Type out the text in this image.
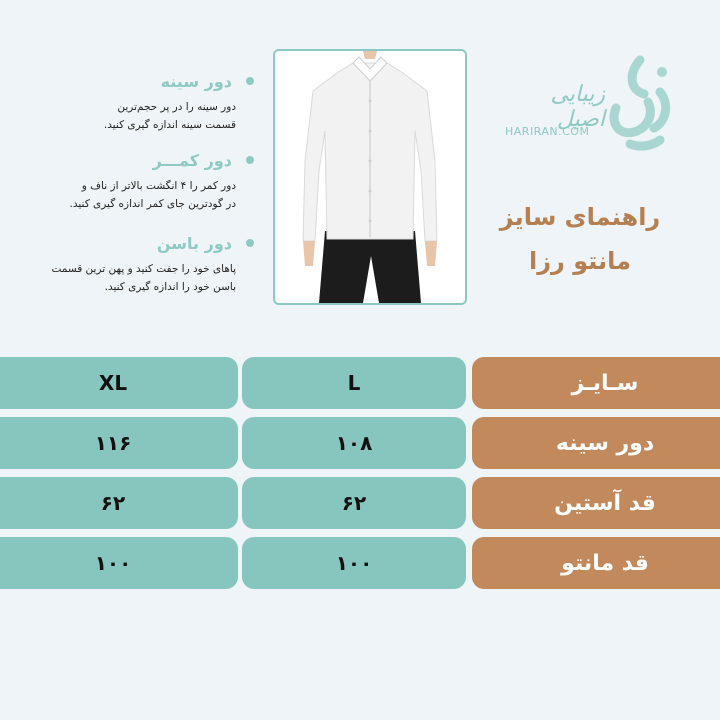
دور سینه
دور سینه را در پر حجم‌ترین
قسمت سینه اندازه گیری کنید.
دور کمـــر
دور کمر را ۴ انگشت بالاتر از ناف و
در گودترین جای کمر اندازه گیری کنید.
دور باسن
پاهای خود را جفت کنید و پهن ترین قسمت
باسن خود را اندازه گیری کنید.
زیبایی اصیل
HARIRAN.COM
راهنمای سایز
مانتو رزا
XL	L	سـایـز
۱۱۶	۱۰۸	دور سینه
۶۲	۶۲	قد آستین
۱۰۰	۱۰۰	قد مانتو
